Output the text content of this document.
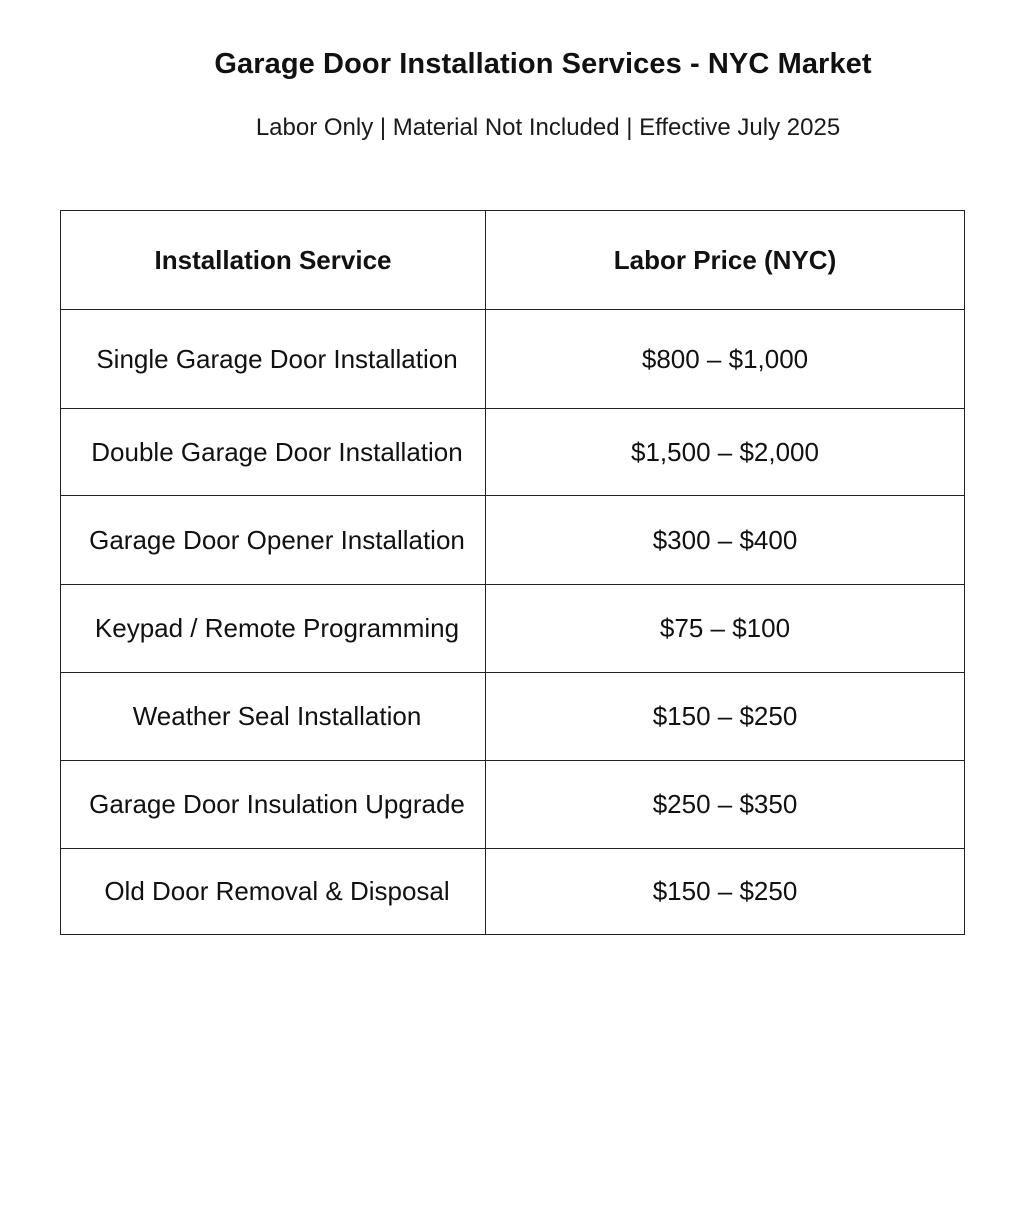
Garage Door Installation Services - NYC Market
Labor Only | Material Not Included | Effective July 2025
Installation Service	Labor Price (NYC)
Single Garage Door Installation	$800 – $1,000
Double Garage Door Installation	$1,500 – $2,000
Garage Door Opener Installation	$300 – $400
Keypad / Remote Programming	$75 – $100
Weather Seal Installation	$150 – $250
Garage Door Insulation Upgrade	$250 – $350
Old Door Removal & Disposal	$150 – $250
